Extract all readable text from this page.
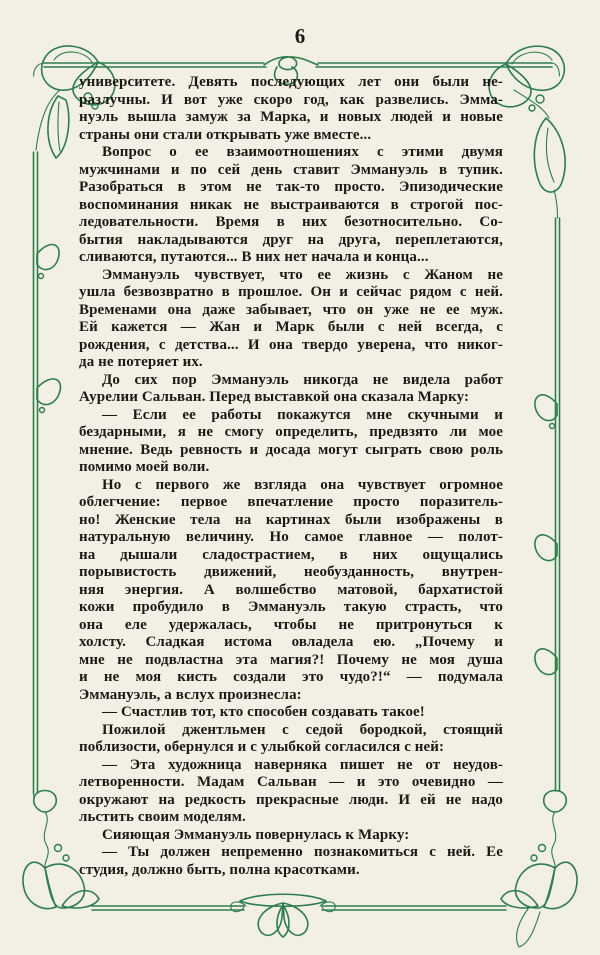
6
университете. Девять последующих лет они были не-
разлучны. И вот уже скоро год, как развелись. Эмма-
нуэль вышла замуж за Марка, и новых людей и новые
страны они стали открывать уже вместе...
Вопрос о ее взаимоотношениях с этими двумя
мужчинами и по сей день ставит Эммануэль в тупик.
Разобраться в этом не так-то просто. Эпизодические
воспоминания никак не выстраиваются в строгой пос-
ледовательности. Время в них безотносительно. Со-
бытия накладываются друг на друга, переплетаются,
сливаются, путаются... В них нет начала и конца...
Эммануэль чувствует, что ее жизнь с Жаном не
ушла безвозвратно в прошлое. Он и сейчас рядом с ней.
Временами она даже забывает, что он уже не ее муж.
Ей кажется — Жан и Марк были с ней всегда, с
рождения, с детства... И она твердо уверена, что никог-
да не потеряет их.
До сих пор Эммануэль никогда не видела работ
Аурелии Сальван. Перед выставкой она сказала Марку:
— Если ее работы покажутся мне скучными и
бездарными, я не смогу определить, предвзято ли мое
мнение. Ведь ревность и досада могут сыграть свою роль
помимо моей воли.
Но с первого же взгляда она чувствует огромное
облегчение: первое впечатление просто поразитель-
но! Женские тела на картинах были изображены в
натуральную величину. Но самое главное — полот-
на дышали сладострастием, в них ощущались
порывистость движений, необузданность, внутрен-
няя энергия. А волшебство матовой, бархатистой
кожи пробудило в Эммануэль такую страсть, что
она еле удержалась, чтобы не притронуться к
холсту. Сладкая истома овладела ею. „Почему и
мне не подвластна эта магия?! Почему не моя душа
и не моя кисть создали это чудо?!“ — подумала
Эммануэль, а вслух произнесла:
— Счастлив тот, кто способен создавать такое!
Пожилой джентльмен с седой бородкой, стоящий
поблизости, обернулся и с улыбкой согласился с ней:
— Эта художница наверняка пишет не от неудов-
летворенности. Мадам Сальван — и это очевидно —
окружают на редкость прекрасные люди. И ей не надо
льстить своим моделям.
Сияющая Эммануэль повернулась к Марку:
— Ты должен непременно познакомиться с ней. Ее
студия, должно быть, полна красотками.
